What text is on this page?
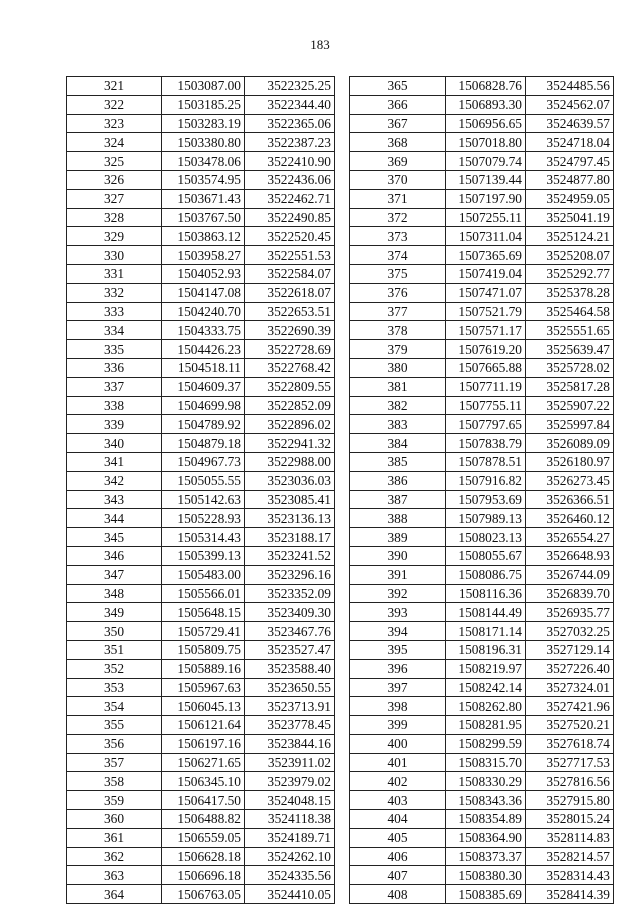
183
321	1503087.00	3522325.25
322	1503185.25	3522344.40
323	1503283.19	3522365.06
324	1503380.80	3522387.23
325	1503478.06	3522410.90
326	1503574.95	3522436.06
327	1503671.43	3522462.71
328	1503767.50	3522490.85
329	1503863.12	3522520.45
330	1503958.27	3522551.53
331	1504052.93	3522584.07
332	1504147.08	3522618.07
333	1504240.70	3522653.51
334	1504333.75	3522690.39
335	1504426.23	3522728.69
336	1504518.11	3522768.42
337	1504609.37	3522809.55
338	1504699.98	3522852.09
339	1504789.92	3522896.02
340	1504879.18	3522941.32
341	1504967.73	3522988.00
342	1505055.55	3523036.03
343	1505142.63	3523085.41
344	1505228.93	3523136.13
345	1505314.43	3523188.17
346	1505399.13	3523241.52
347	1505483.00	3523296.16
348	1505566.01	3523352.09
349	1505648.15	3523409.30
350	1505729.41	3523467.76
351	1505809.75	3523527.47
352	1505889.16	3523588.40
353	1505967.63	3523650.55
354	1506045.13	3523713.91
355	1506121.64	3523778.45
356	1506197.16	3523844.16
357	1506271.65	3523911.02
358	1506345.10	3523979.02
359	1506417.50	3524048.15
360	1506488.82	3524118.38
361	1506559.05	3524189.71
362	1506628.18	3524262.10
363	1506696.18	3524335.56
364	1506763.05	3524410.05
365	1506828.76	3524485.56
366	1506893.30	3524562.07
367	1506956.65	3524639.57
368	1507018.80	3524718.04
369	1507079.74	3524797.45
370	1507139.44	3524877.80
371	1507197.90	3524959.05
372	1507255.11	3525041.19
373	1507311.04	3525124.21
374	1507365.69	3525208.07
375	1507419.04	3525292.77
376	1507471.07	3525378.28
377	1507521.79	3525464.58
378	1507571.17	3525551.65
379	1507619.20	3525639.47
380	1507665.88	3525728.02
381	1507711.19	3525817.28
382	1507755.11	3525907.22
383	1507797.65	3525997.84
384	1507838.79	3526089.09
385	1507878.51	3526180.97
386	1507916.82	3526273.45
387	1507953.69	3526366.51
388	1507989.13	3526460.12
389	1508023.13	3526554.27
390	1508055.67	3526648.93
391	1508086.75	3526744.09
392	1508116.36	3526839.70
393	1508144.49	3526935.77
394	1508171.14	3527032.25
395	1508196.31	3527129.14
396	1508219.97	3527226.40
397	1508242.14	3527324.01
398	1508262.80	3527421.96
399	1508281.95	3527520.21
400	1508299.59	3527618.74
401	1508315.70	3527717.53
402	1508330.29	3527816.56
403	1508343.36	3527915.80
404	1508354.89	3528015.24
405	1508364.90	3528114.83
406	1508373.37	3528214.57
407	1508380.30	3528314.43
408	1508385.69	3528414.39
